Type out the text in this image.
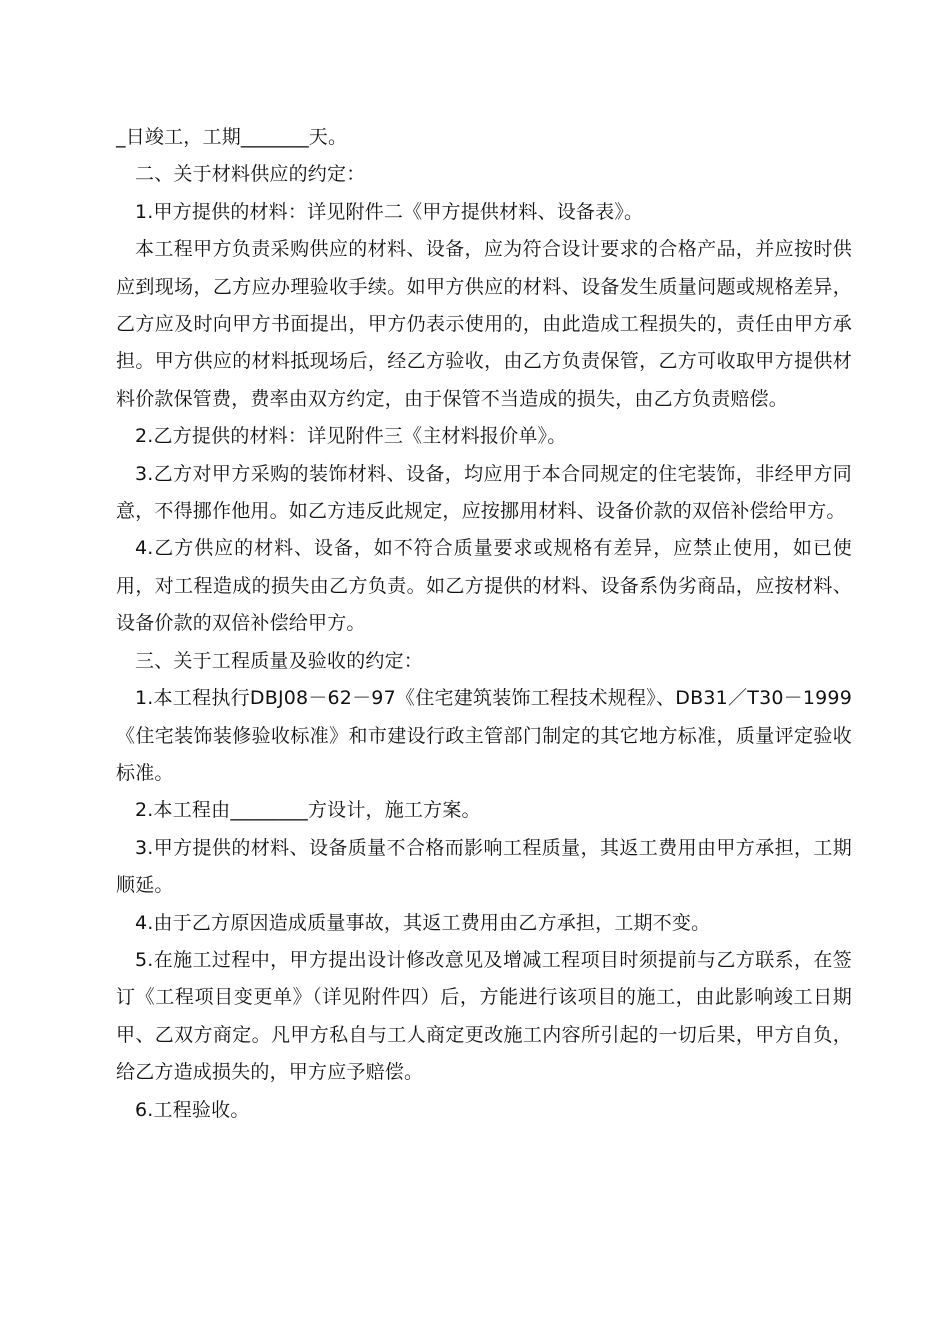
_日竣工，工期_______天。

二、关于材料供应的约定：

1.甲方提供的材料：详见附件二《甲方提供材料、设备表》。

本工程甲方负责采购供应的材料、设备，应为符合设计要求的合格产品，并应按时供应到现场，乙方应办理验收手续。如甲方供应的材料、设备发生质量问题或规格差异，乙方应及时向甲方书面提出，甲方仍表示使用的，由此造成工程损失的，责任由甲方承担。甲方供应的材料抵现场后，经乙方验收，由乙方负责保管，乙方可收取甲方提供材料价款保管费，费率由双方约定，由于保管不当造成的损失，由乙方负责赔偿。

2.乙方提供的材料：详见附件三《主材料报价单》。

3.乙方对甲方采购的装饰材料、设备，均应用于本合同规定的住宅装饰，非经甲方同意，不得挪作他用。如乙方违反此规定，应按挪用材料、设备价款的双倍补偿给甲方。

4.乙方供应的材料、设备，如不符合质量要求或规格有差异，应禁止使用，如已使用，对工程造成的损失由乙方负责。如乙方提供的材料、设备系伪劣商品，应按材料、设备价款的双倍补偿给甲方。

三、关于工程质量及验收的约定：

1.本工程执行DBJ08－62－97《住宅建筑装饰工程技术规程》、DB31／T30－1999《住宅装饰装修验收标准》和市建设行政主管部门制定的其它地方标准，质量评定验收标准。

2.本工程由________方设计，施工方案。

3.甲方提供的材料、设备质量不合格而影响工程质量，其返工费用由甲方承担，工期顺延。

4.由于乙方原因造成质量事故，其返工费用由乙方承担，工期不变。

5.在施工过程中，甲方提出设计修改意见及增减工程项目时须提前与乙方联系，在签订《工程项目变更单》（详见附件四）后，方能进行该项目的施工，由此影响竣工日期甲、乙双方商定。凡甲方私自与工人商定更改施工内容所引起的一切后果，甲方自负，给乙方造成损失的，甲方应予赔偿。

6.工程验收。
